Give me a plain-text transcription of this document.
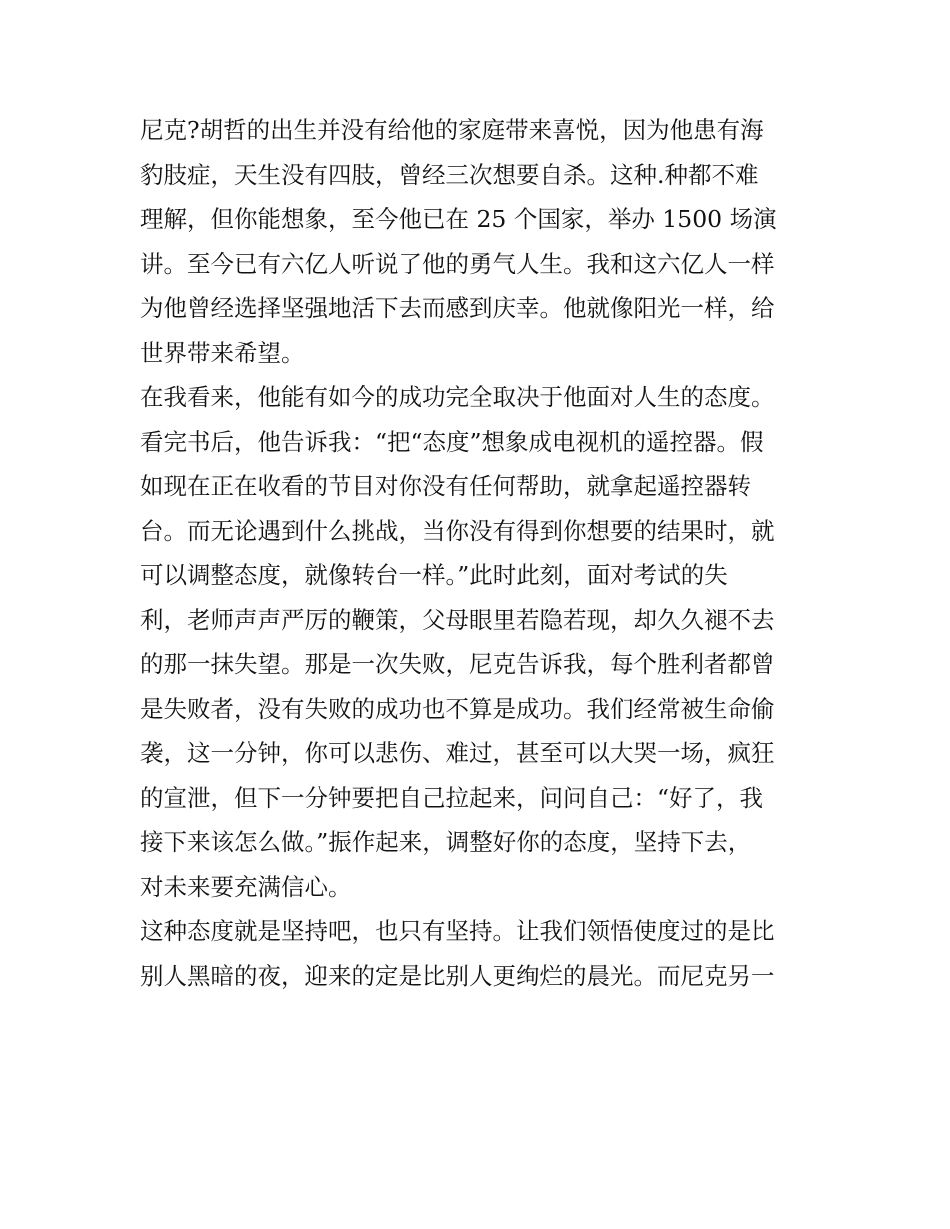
尼克?胡哲的出生并没有给他的家庭带来喜悦，因为他患有海
豹肢症，天生没有四肢，曾经三次想要自杀。这种.种都不难
理解，但你能想象，至今他已在 25 个国家，举办 1500 场演
讲。至今已有六亿人听说了他的勇气人生。我和这六亿人一样
为他曾经选择坚强地活下去而感到庆幸。他就像阳光一样，给
世界带来希望。
在我看来，他能有如今的成功完全取决于他面对人生的态度。
看完书后，他告诉我：“把“态度”想象成电视机的遥控器。假
如现在正在收看的节目对你没有任何帮助，就拿起遥控器转
台。而无论遇到什么挑战，当你没有得到你想要的结果时，就
可以调整态度，就像转台一样。”此时此刻，面对考试的失
利，老师声声严厉的鞭策，父母眼里若隐若现，却久久褪不去
的那一抹失望。那是一次失败，尼克告诉我，每个胜利者都曾
是失败者，没有失败的成功也不算是成功。我们经常被生命偷
袭，这一分钟，你可以悲伤、难过，甚至可以大哭一场，疯狂
的宣泄，但下一分钟要把自己拉起来，问问自己：“好了，我
接下来该怎么做。”振作起来，调整好你的态度，坚持下去，
对未来要充满信心。
这种态度就是坚持吧，也只有坚持。让我们领悟使度过的是比
别人黑暗的夜，迎来的定是比别人更绚烂的晨光。而尼克另一
